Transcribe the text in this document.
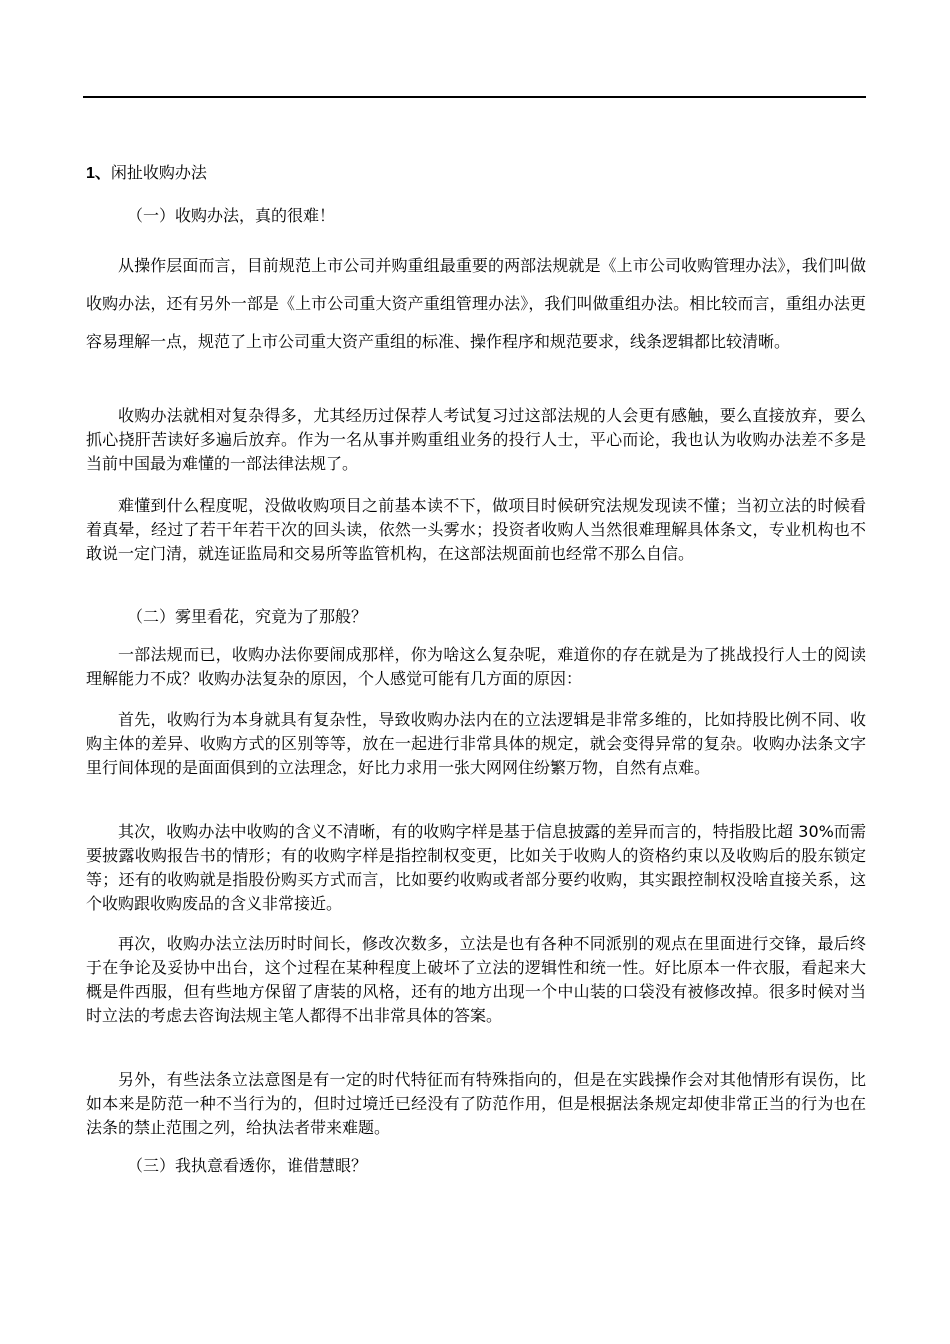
1、闲扯收购办法
（一）收购办法，真的很难！

从操作层面而言，目前规范上市公司并购重组最重要的两部法规就是《上市公司收购管理办法》，我们叫做收购办法，还有另外一部是《上市公司重大资产重组管理办法》，我们叫做重组办法。相比较而言，重组办法更容易理解一点，规范了上市公司重大资产重组的标准、操作程序和规范要求，线条逻辑都比较清晰。

收购办法就相对复杂得多，尤其经历过保荐人考试复习过这部法规的人会更有感触，要么直接放弃，要么抓心挠肝苦读好多遍后放弃。作为一名从事并购重组业务的投行人士，平心而论，我也认为收购办法差不多是当前中国最为难懂的一部法律法规了。

难懂到什么程度呢，没做收购项目之前基本读不下，做项目时候研究法规发现读不懂；当初立法的时候看着真晕，经过了若干年若干次的回头读，依然一头雾水；投资者收购人当然很难理解具体条文，专业机构也不敢说一定门清，就连证监局和交易所等监管机构，在这部法规面前也经常不那么自信。

（二）雾里看花，究竟为了那般？

一部法规而已，收购办法你要闹成那样，你为啥这么复杂呢，难道你的存在就是为了挑战投行人士的阅读理解能力不成？收购办法复杂的原因，个人感觉可能有几方面的原因：

首先，收购行为本身就具有复杂性，导致收购办法内在的立法逻辑是非常多维的，比如持股比例不同、收购主体的差异、收购方式的区别等等，放在一起进行非常具体的规定，就会变得异常的复杂。收购办法条文字里行间体现的是面面俱到的立法理念，好比力求用一张大网网住纷繁万物，自然有点难。

其次，收购办法中收购的含义不清晰，有的收购字样是基于信息披露的差异而言的，特指股比超 30%而需要披露收购报告书的情形；有的收购字样是指控制权变更，比如关于收购人的资格约束以及收购后的股东锁定等；还有的收购就是指股份购买方式而言，比如要约收购或者部分要约收购，其实跟控制权没啥直接关系，这个收购跟收购废品的含义非常接近。

再次，收购办法立法历时时间长，修改次数多，立法是也有各种不同派别的观点在里面进行交锋，最后终于在争论及妥协中出台，这个过程在某种程度上破坏了立法的逻辑性和统一性。好比原本一件衣服，看起来大概是件西服，但有些地方保留了唐装的风格，还有的地方出现一个中山装的口袋没有被修改掉。很多时候对当时立法的考虑去咨询法规主笔人都得不出非常具体的答案。

另外，有些法条立法意图是有一定的时代特征而有特殊指向的，但是在实践操作会对其他情形有误伤，比如本来是防范一种不当行为的，但时过境迁已经没有了防范作用，但是根据法条规定却使非常正当的行为也在法条的禁止范围之列，给执法者带来难题。

（三）我执意看透你，谁借慧眼？
